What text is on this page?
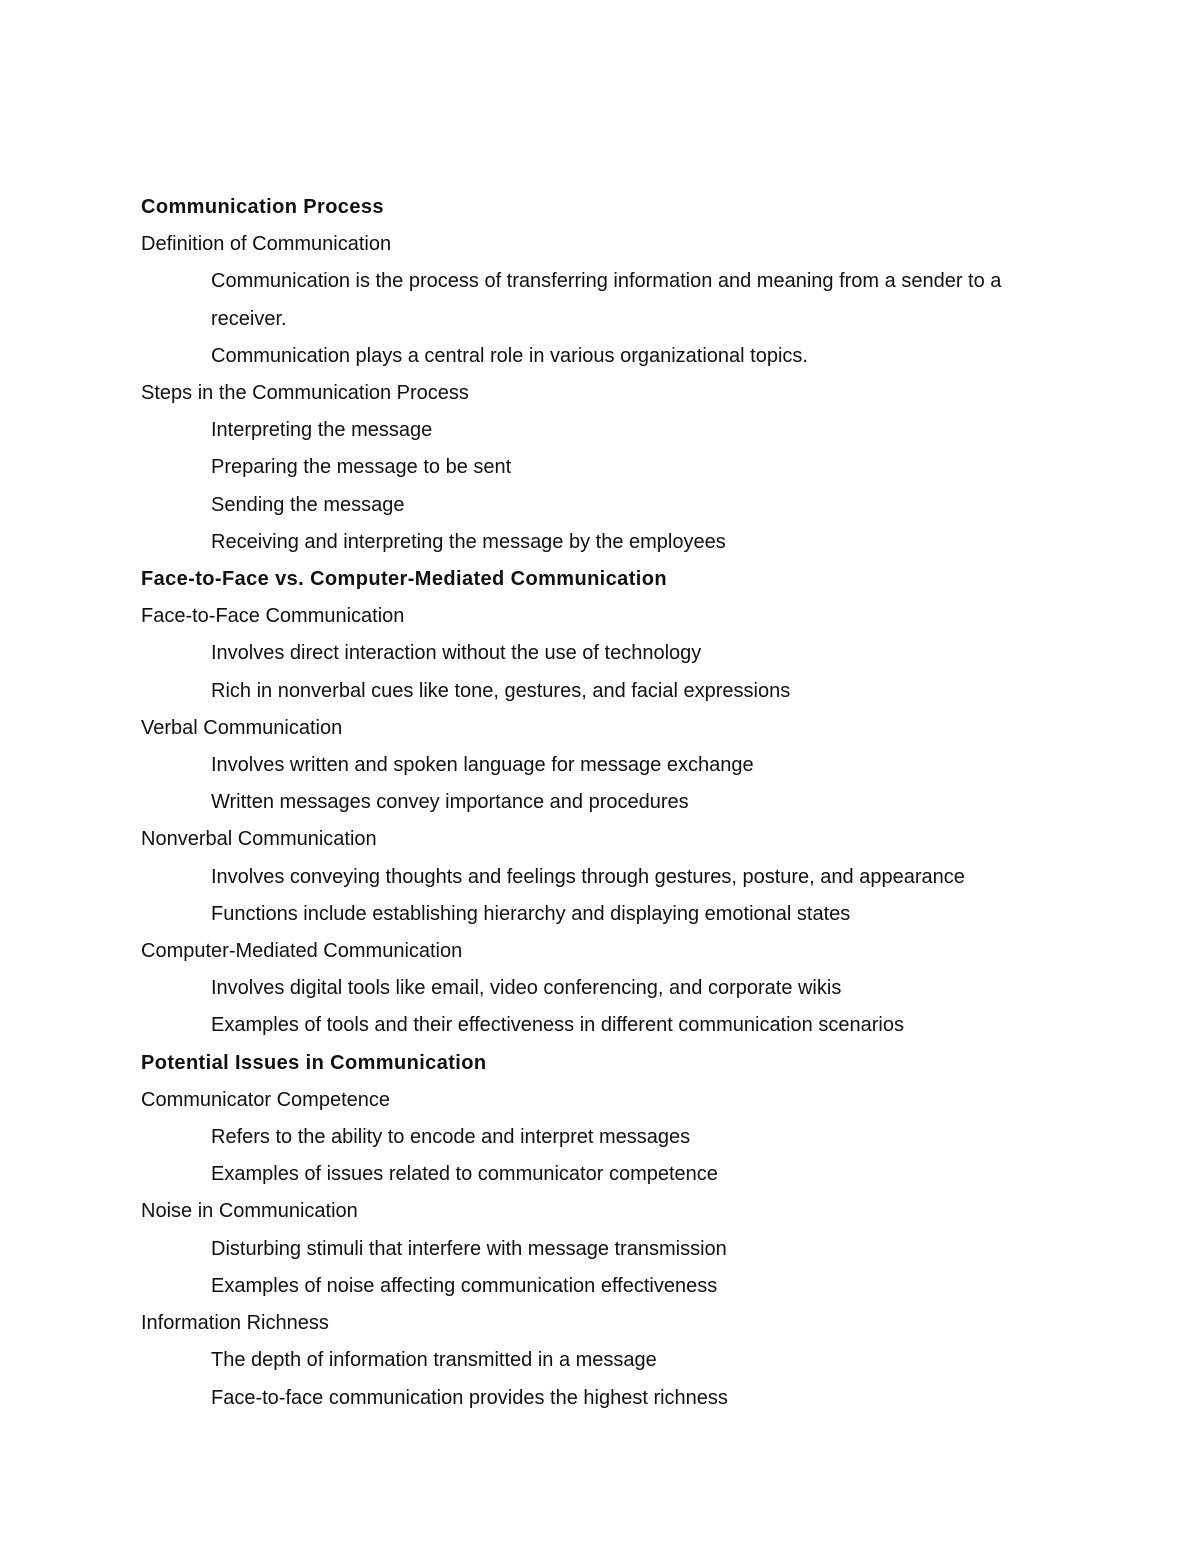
Communication Process

Definition of Communication

Communication is the process of transferring information and meaning from a sender to a receiver.

Communication plays a central role in various organizational topics.

Steps in the Communication Process

Interpreting the message

Preparing the message to be sent

Sending the message

Receiving and interpreting the message by the employees

Face-to-Face vs. Computer-Mediated Communication

Face-to-Face Communication

Involves direct interaction without the use of technology

Rich in nonverbal cues like tone, gestures, and facial expressions

Verbal Communication

Involves written and spoken language for message exchange

Written messages convey importance and procedures

Nonverbal Communication

Involves conveying thoughts and feelings through gestures, posture, and appearance

Functions include establishing hierarchy and displaying emotional states

Computer-Mediated Communication

Involves digital tools like email, video conferencing, and corporate wikis

Examples of tools and their effectiveness in different communication scenarios

Potential Issues in Communication

Communicator Competence

Refers to the ability to encode and interpret messages

Examples of issues related to communicator competence

Noise in Communication

Disturbing stimuli that interfere with message transmission

Examples of noise affecting communication effectiveness

Information Richness

The depth of information transmitted in a message

Face-to-face communication provides the highest richness
